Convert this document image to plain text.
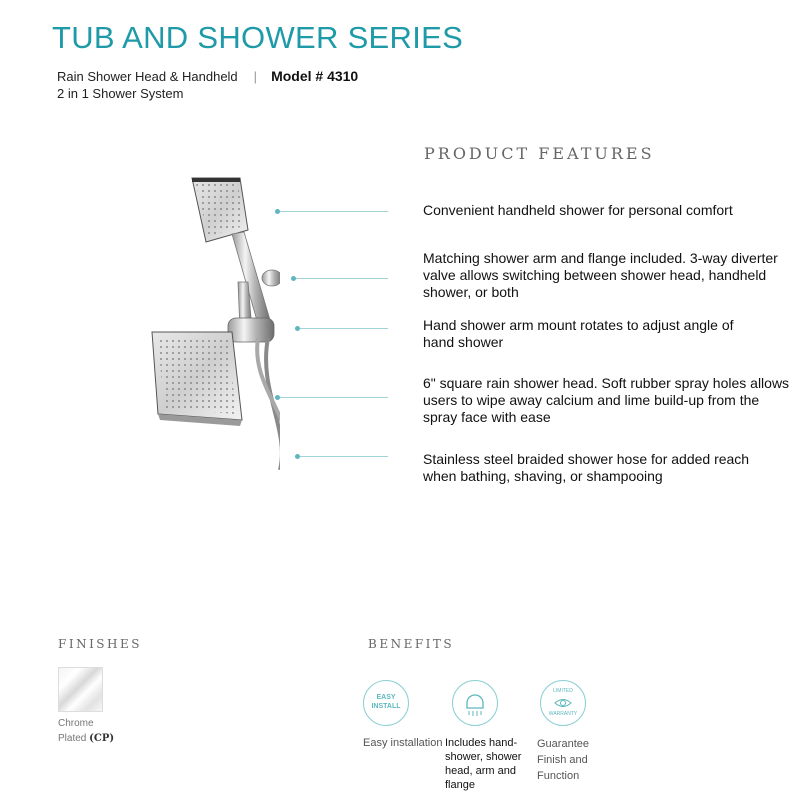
TUB AND SHOWER SERIES
Rain Shower Head & Handheld | Model # 4310
2 in 1 Shower System
PRODUCT FEATURES
Convenient handheld shower for personal comfort
Matching shower arm and flange included. 3-way diverter valve allows switching between shower head, handheld shower, or both
Hand shower arm mount rotates to adjust angle of hand shower
6" square rain shower head. Soft rubber spray holes allows users to wipe away calcium and lime build-up from the spray face with ease
Stainless steel braided shower hose for added reach when bathing, shaving, or shampooing
FINISHES
Chrome
Plated (CP)
BENEFITS
EASY
INSTALL
Easy installation Includes hand-shower, shower head, arm and flange
LIMITED
WARRANTY
Guarantee Finish and Function
